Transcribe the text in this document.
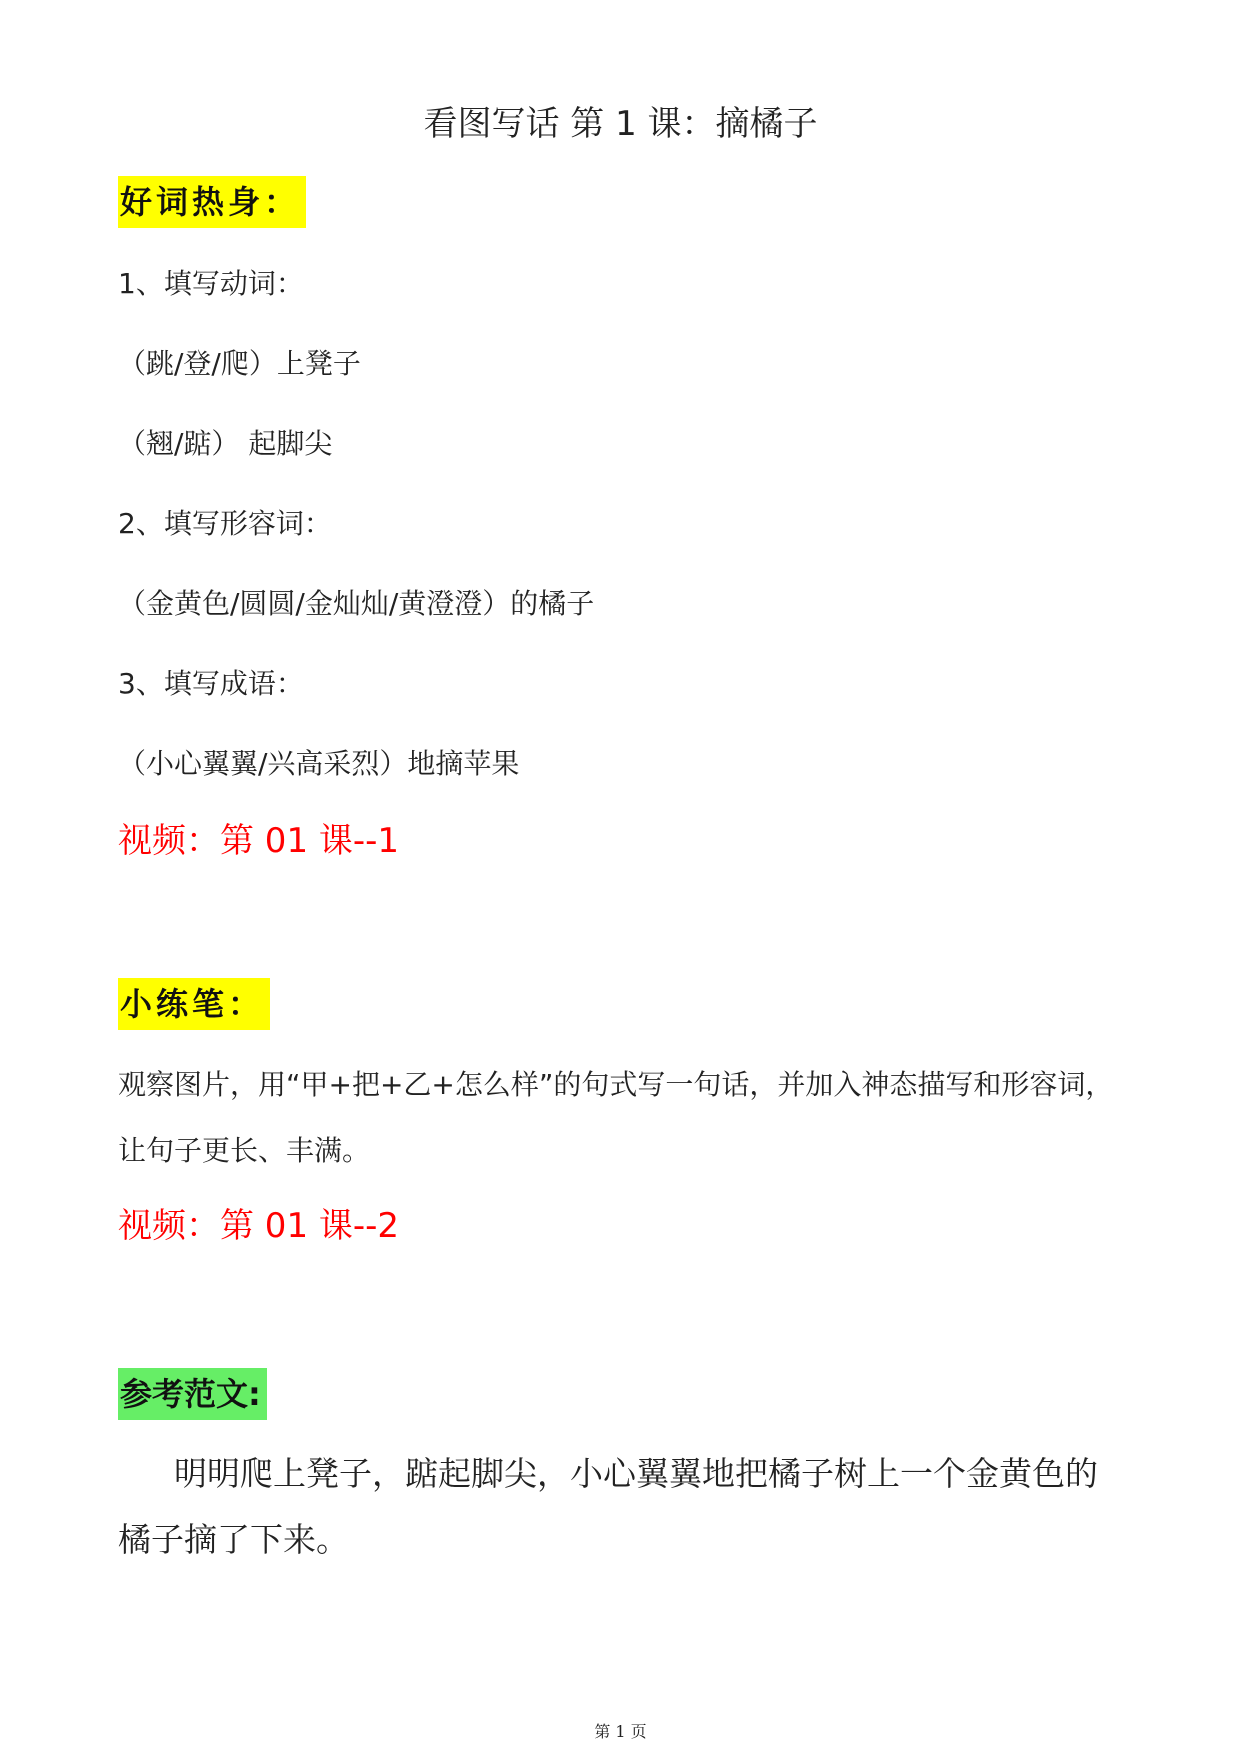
看图写话 第 1 课：摘橘子
好词热身：
1、填写动词：
（跳/登/爬）上凳子
（翘/踮） 起脚尖
2、填写形容词：
（金黄色/圆圆/金灿灿/黄澄澄）的橘子
3、填写成语：
（小心翼翼/兴高采烈）地摘苹果
视频：第 01 课--1
小练笔：
观察图片，用“甲+把+乙+怎么样”的句式写一句话，并加入神态描写和形容词，让句子更长、丰满。
视频：第 01 课--2
参考范文:
明明爬上凳子，踮起脚尖，小心翼翼地把橘子树上一个金黄色的橘子摘了下来。
第 1 页
